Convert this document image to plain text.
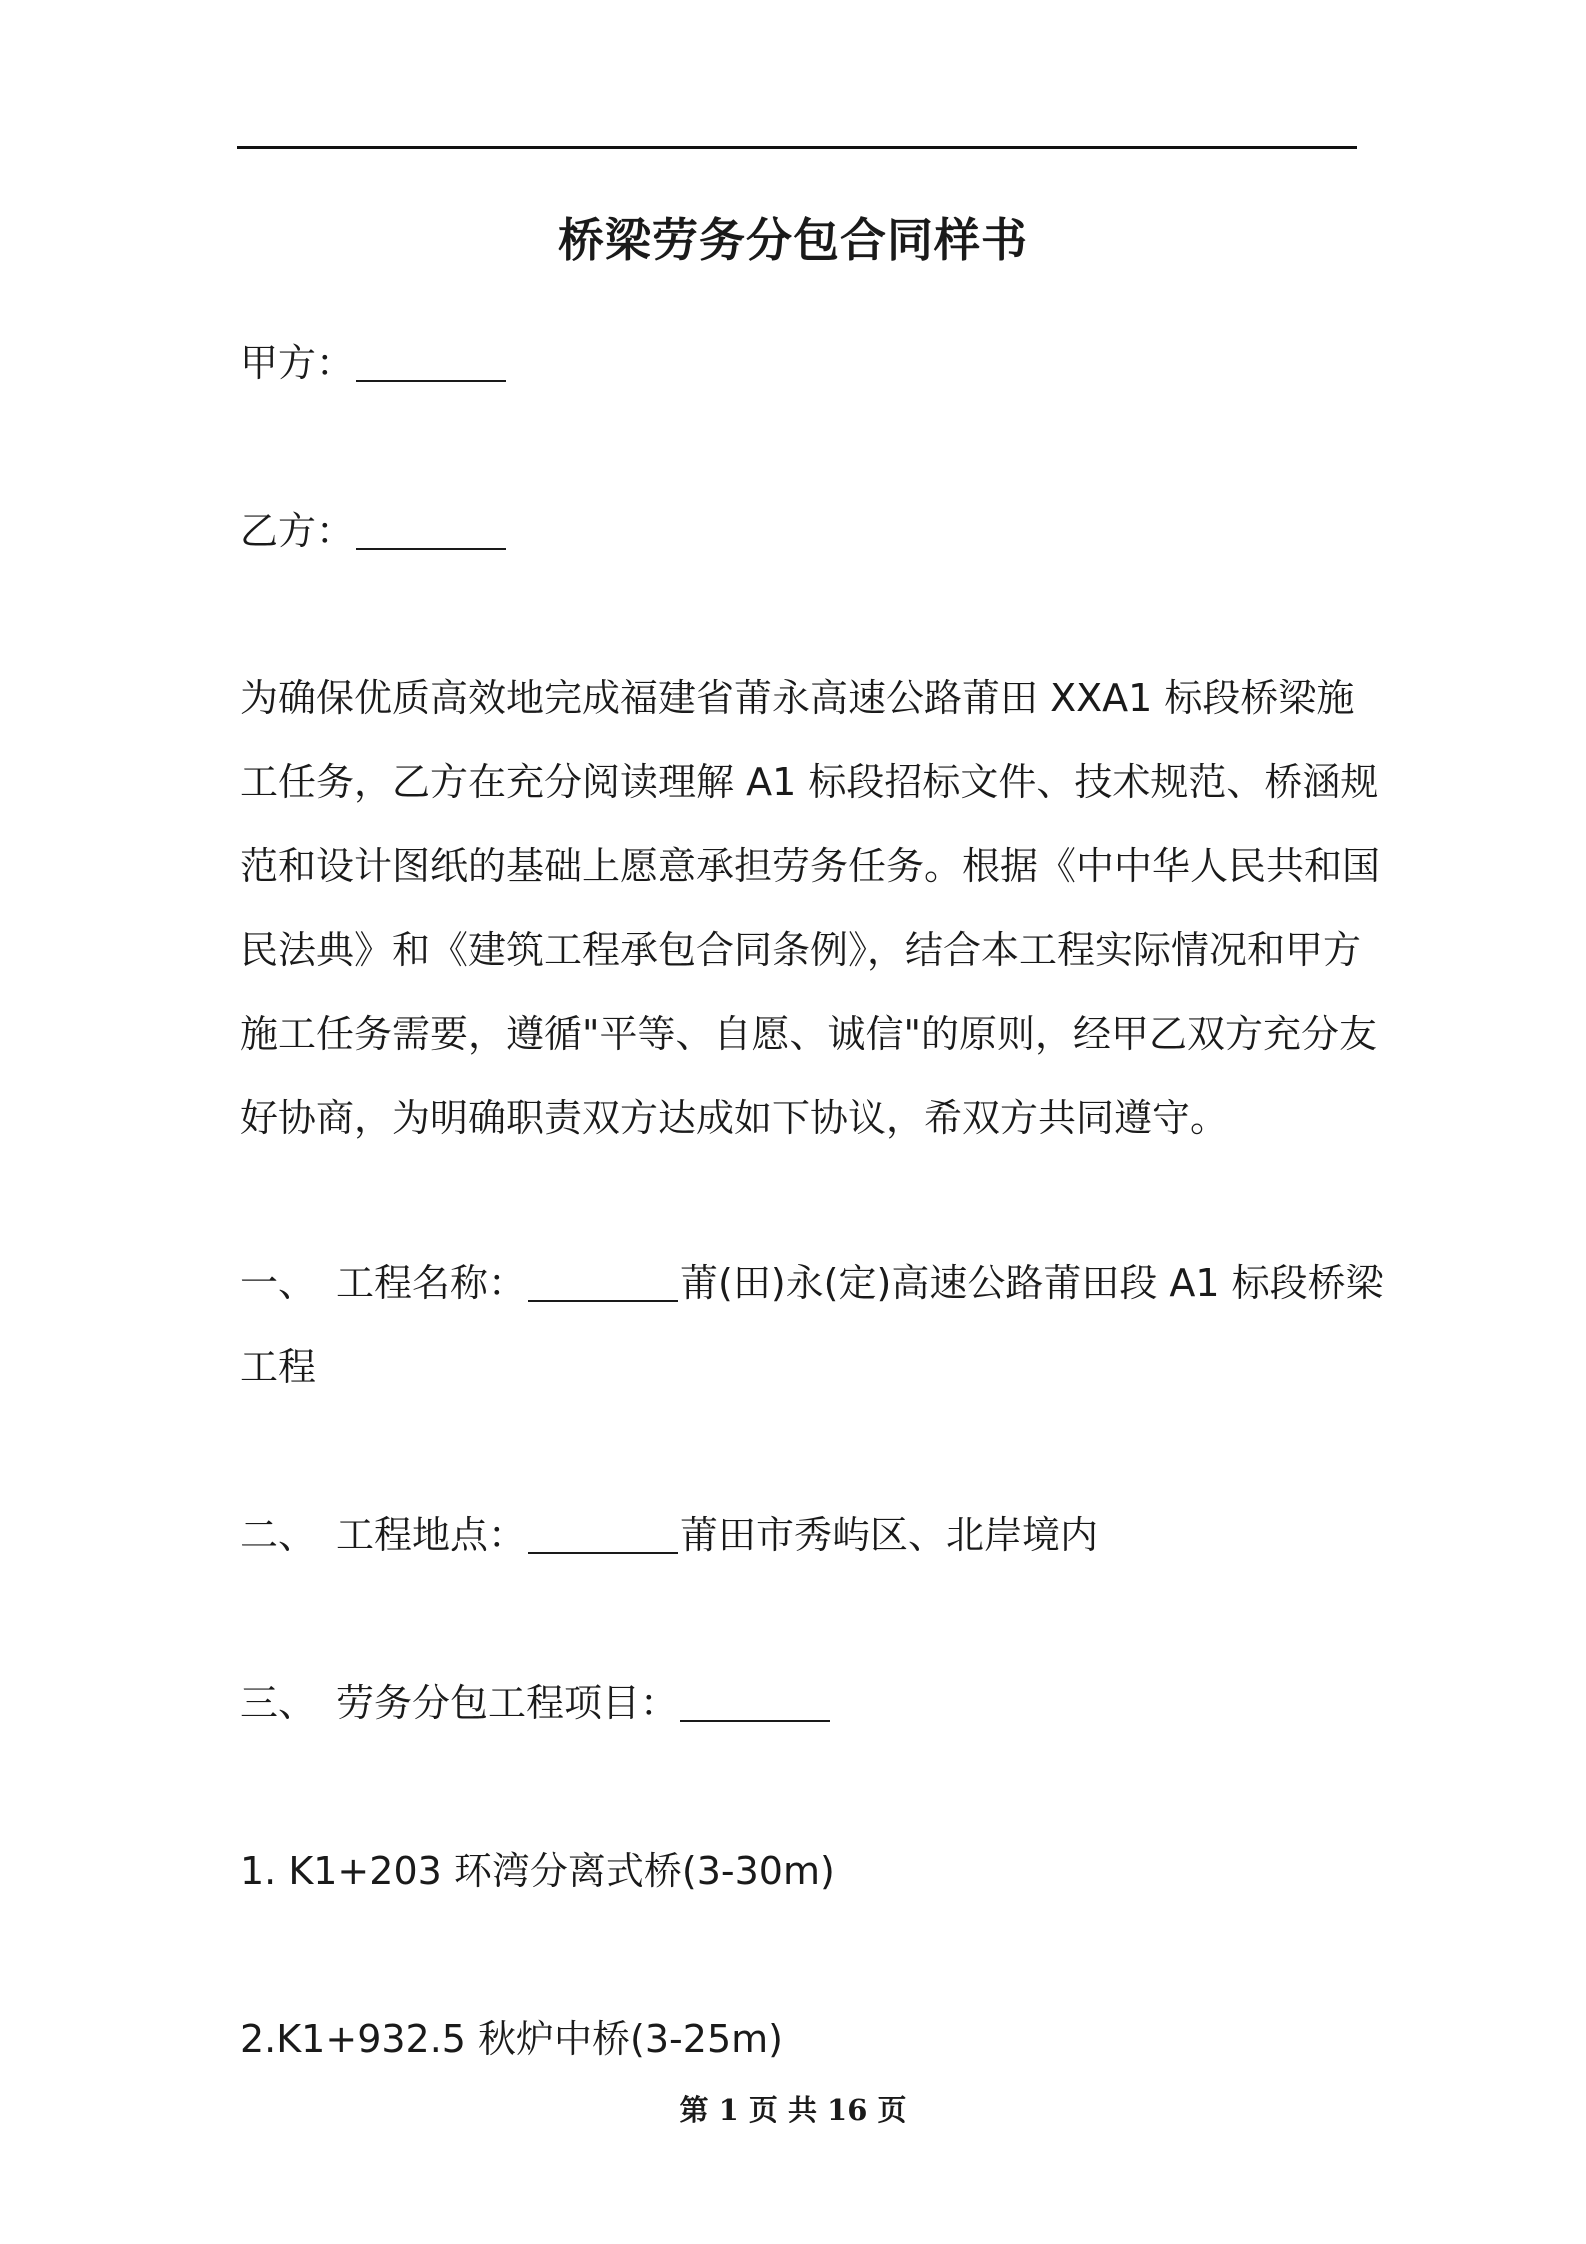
桥梁劳务分包合同样书
甲方：
乙方：
为确保优质高效地完成福建省莆永高速公路莆田 XXA1 标段桥梁施
工任务，乙方在充分阅读理解 A1 标段招标文件、技术规范、桥涵规
范和设计图纸的基础上愿意承担劳务任务。根据《中中华人民共和国
民法典》和《建筑工程承包合同条例》，结合本工程实际情况和甲方
施工任务需要，遵循"平等、自愿、诚信"的原则，经甲乙双方充分友
好协商，为明确职责双方达成如下协议，希双方共同遵守。
一、 工程名称：	莆(田)永(定)高速公路莆田段 A1 标段桥梁
工程
二、 工程地点：	莆田市秀屿区、北岸境内
三、 劳务分包工程项目：
1. K1+203 环湾分离式桥(3-30m)
2.K1+932.5 秋炉中桥(3-25m)
第 1 页 共 16 页
